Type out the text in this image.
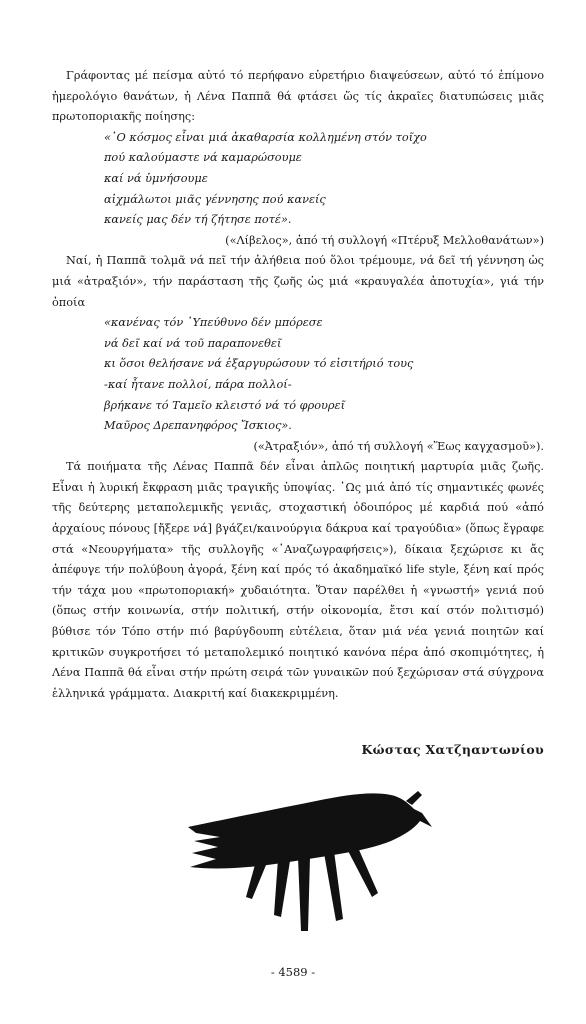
Γράφοντας μέ πείσμα αὐτό τό περήφανο εὑρετήριο διαψεύσεων, αὐτό τό ἐπίμονο ἡμερολόγιο θανάτων, ἡ Λένα Παππᾶ θά φτάσει ὥς τίς ἀκραῖες διατυπώσεις μιᾶς πρωτοποριακῆς ποίησης:

«῾Ο κόσμος εἶναι μιά ἀκαθαρσία κολλημένη στόν τοῖχο
πού καλούμαστε νά καμαρώσουμε
καί νά ὑμνήσουμε
αἰχμάλωτοι μιᾶς γέννησης πού κανείς
κανείς μας δέν τή ζήτησε ποτέ».

(«Λίβελος», ἀπό τή συλλογή «Πτέρυξ Μελλοθανάτων»)

Ναί, ἡ Παππᾶ τολμᾶ νά πεῖ τήν ἀλήθεια πού ὅλοι τρέμουμε, νά δεῖ τή γέννηση ὡς μιά «ἀτραξιόν», τήν παράσταση τῆς ζωῆς ὡς μιά «κραυγαλέα ἀποτυχία», γιά τήν ὁποία

«κανένας τόν ῾Υπεύθυνο δέν μπόρεσε
νά δεῖ καί νά τοῦ παραπονεθεῖ
κι ὅσοι θελήσανε νά ἐξαργυρώσουν τό εἰσιτήριό τους
-καί ἦτανε πολλοί, πάρα πολλοί-
βρήκανε τό Ταμεῖο κλειστό νά τό φρουρεῖ
Μαῦρος Δρεπανηφόρος Ἴσκιος».

(«Ἀτραξιόν», ἀπό τή συλλογή «Ἕως καγχασμοῦ»).

Τά ποιήματα τῆς Λένας Παππᾶ δέν εἶναι ἁπλῶς ποιητική μαρτυρία μιᾶς ζωῆς. Εἶναι ἡ λυρική ἔκφραση μιᾶς τραγικῆς ὑποψίας. ῾Ως μιά ἀπό τίς σημαντικές φωνές τῆς δεύτερης μεταπολεμικῆς γενιᾶς, στοχαστική ὁδοιπόρος μέ καρδιά πού «ἀπό ἀρχαίους πόνους [ἤξερε νά] βγάζει/καινούργια δάκρυα καί τραγούδια» (ὅπως ἔγραφε στά «Νεουργήματα» τῆς συλλογῆς «᾿Αναζωγραφήσεις»), δίκαια ξεχώρισε κι ἄς ἀπέφυγε τήν πολύβουη ἀγορά, ξένη καί πρός τό ἀκαδημαϊκό life style, ξένη καί πρός τήν τάχα μου «πρωτοποριακή» χυδαιότητα. Ὅταν παρέλθει ἡ «γνωστή» γενιά πού (ὅπως στήν κοινωνία, στήν πολιτική, στήν οἰκονομία, ἔτσι καί στόν πολιτισμό) βύθισε τόν Τόπο στήν πιό βαρύγδουπη εὐτέλεια, ὅταν μιά νέα γενιά ποιητῶν καί κριτικῶν συγκροτήσει τό μεταπολεμικό ποιητικό κανόνα πέρα ἀπό σκοπιμότητες, ἡ Λένα Παππᾶ θά εἶναι στήν πρώτη σειρά τῶν γυναικῶν πού ξεχώρισαν στά σύγχρονα ἑλληνικά γράμματα. Διακριτή καί διακεκριμμένη.

Κώστας Χατζηαντωνίου
- 4589 -
